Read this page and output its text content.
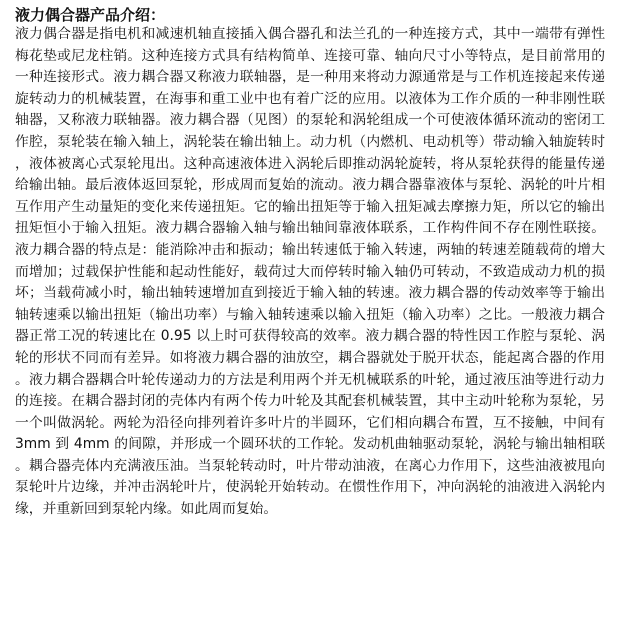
液力偶合器产品介绍：
液力偶合器是指电机和减速机轴直接插入偶合器孔和法兰孔的一种连接方式，其中一端带有弹性梅花垫或尼龙柱销。这种连接方式具有结构简单、连接可靠、轴向尺寸小等特点，是目前常用的一种连接形式。液力耦合器又称液力联轴器，是一种用来将动力源通常是与工作机连接起来传递旋转动力的机械装置，在海事和重工业中也有着广泛的应用。以液体为工作介质的一种非刚性联轴器，又称液力联轴器。液力耦合器（见图）的泵轮和涡轮组成一个可使液体循环流动的密闭工作腔，泵轮装在输入轴上，涡轮装在输出轴上。动力机（内燃机、电动机等）带动输入轴旋转时，液体被离心式泵轮甩出。这种高速液体进入涡轮后即推动涡轮旋转，将从泵轮获得的能量传递给输出轴。最后液体返回泵轮，形成周而复始的流动。液力耦合器靠液体与泵轮、涡轮的叶片相互作用产生动量矩的变化来传递扭矩。它的输出扭矩等于输入扭矩减去摩擦力矩，所以它的输出扭矩恒小于输入扭矩。液力耦合器输入轴与输出轴间靠液体联系，工作构件间不存在刚性联接。液力耦合器的特点是：能消除冲击和振动；输出转速低于输入转速，两轴的转速差随载荷的增大而增加；过载保护性能和起动性能好，载荷过大而停转时输入轴仍可转动，不致造成动力机的损坏；当载荷减小时，输出轴转速增加直到接近于输入轴的转速。液力耦合器的传动效率等于输出轴转速乘以输出扭矩（输出功率）与输入轴转速乘以输入扭矩（输入功率）之比。一般液力耦合器正常工况的转速比在 0.95 以上时可获得较高的效率。液力耦合器的特性因工作腔与泵轮、涡轮的形状不同而有差异。如将液力耦合器的油放空，耦合器就处于脱开状态，能起离合器的作用。液力耦合器耦合叶轮传递动力的方法是利用两个并无机械联系的叶轮，通过液压油等进行动力的连接。在耦合器封闭的壳体内有两个传力叶轮及其配套机械装置，其中主动叶轮称为泵轮，另一个叫做涡轮。两轮为沿径向排列着许多叶片的半圆环，它们相向耦合布置，互不接触，中间有 3mm 到 4mm 的间隙，并形成一个圆环状的工作轮。发动机曲轴驱动泵轮，涡轮与输出轴相联。耦合器壳体内充满液压油。当泵轮转动时，叶片带动油液，在离心力作用下，这些油液被甩向泵轮叶片边缘，并冲击涡轮叶片，使涡轮开始转动。在惯性作用下，冲向涡轮的油液进入涡轮内缘，并重新回到泵轮内缘。如此周而复始。
